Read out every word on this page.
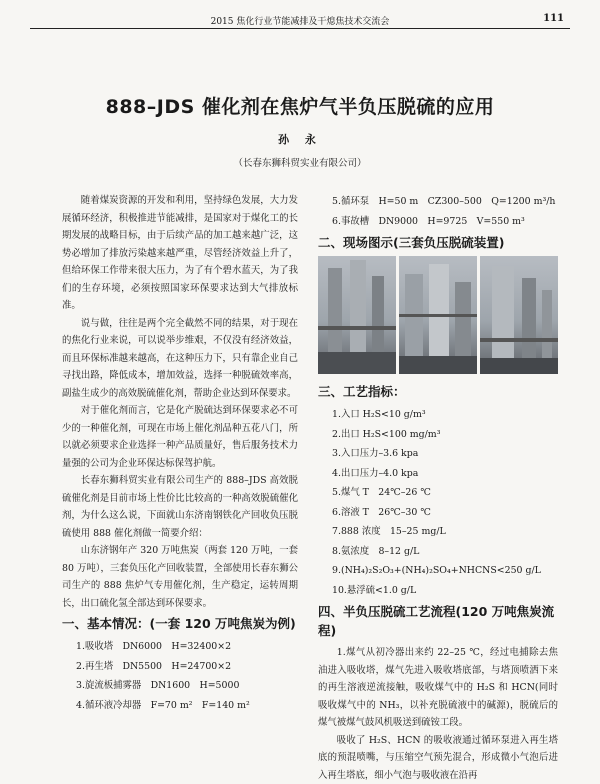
2015 焦化行业节能减排及干熄焦技术交流会	111
888–JDS 催化剂在焦炉气半负压脱硫的应用
孙 永
（长春东狮科贸实业有限公司）

随着煤炭资源的开发和利用，坚持绿色发展，大力发展循环经济，积极推进节能减排，是国家对于煤化工的长期发展的战略目标，由于后续产品的加工越来越广泛，这势必增加了排放污染越来越严重，尽管经济效益上升了，但给环保工作带来很大压力，为了有个碧水蓝天，为了我们的生存环境，必须按照国家环保要求达到大气排放标准。

说与做，往往是两个完全截然不同的结果，对于现在的焦化行业来说，可以说举步维艰，不仅没有经济效益，而且环保标准越来越高，在这种压力下，只有靠企业自己寻找出路，降低成本，增加效益，选择一种脱硫效率高，副盐生成少的高效脱硫催化剂，帮助企业达到环保要求。

对于催化剂而言，它是化产脱硫达到环保要求必不可少的一种催化剂，可现在市场上催化剂品种五花八门，所以就必须要求企业选择一种产品质量好，售后服务技术力量强的公司为企业环保达标保驾护航。

长春东狮科贸实业有限公司生产的 888–JDS 高效脱硫催化剂是目前市场上性价比比较高的一种高效脱硫催化剂，为什么这么说，下面就山东济南钢铁化产回收负压脱硫使用 888 催化剂做一简要介绍：

山东济钢年产 320 万吨焦炭（两套 120 万吨，一套 80 万吨），三套负压化产回收装置，全部使用长春东狮公司生产的 888 焦炉气专用催化剂，生产稳定，运转周期长，出口硫化氢全部达到环保要求。

一、基本情况：(一套 120 万吨焦炭为例)
1.吸收塔　DN6000　H=32400×2
2.再生塔　DN5500　H=24700×2
3.旋流板捕雾器　DN1600　H=5000
4.循环液冷却器　F=70 m²　F=140 m²
5.循环泵　H=50 m　CZ300–500　Q=1200 m³/h
6.事故槽　DN9000　H=9725　V=550 m³
二、现场图示(三套负压脱硫装置)
三、工艺指标：
1.入口 H₂S<10 g/m³
2.出口 H₂S<100 mg/m³
3.入口压力–3.6 kpa
4.出口压力–4.0 kpa
5.煤气 T　24℃–26 ℃
6.溶液 T　26℃–30 ℃
7.888 浓度　15–25 mg/L
8.氨浓度　8–12 g/L
9.(NH₄)₂S₂O₃+(NH₄)₂SO₄+NHCNS<250 g/L
10.悬浮硫<1.0 g/L
四、半负压脱硫工艺流程(120 万吨焦炭流程)

1.煤气从初冷器出来约 22–25 ℃，经过电捕除去焦油进入吸收塔，煤气先进入吸收塔底部，与塔顶喷洒下来的再生溶液逆流接触，吸收煤气中的 H₂S 和 HCN(同时吸收煤气中的 NH₃，以补充脱硫液中的碱源)，脱硫后的煤气被煤气鼓风机吸送到硫铵工段。

吸收了 H₂S、HCN 的吸收液通过循环泵进入再生塔底的预混喷嘴，与压缩空气预先混合，形成微小气泡后进入再生塔底，细小气泡与吸收液在沿再
